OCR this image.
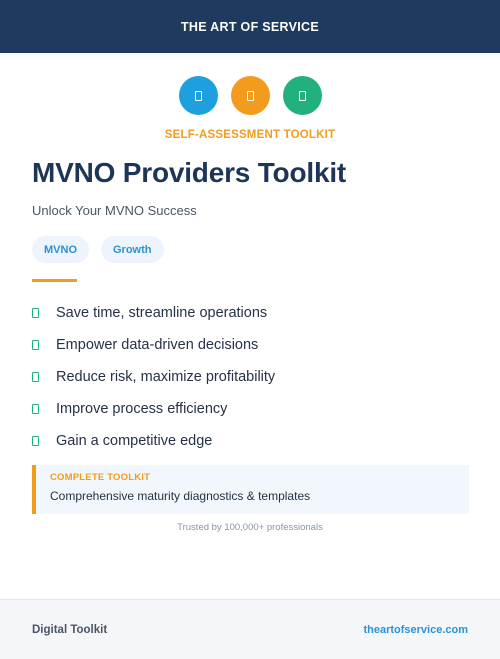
THE ART OF SERVICE
SELF-ASSESSMENT TOOLKIT
MVNO Providers Toolkit
Unlock Your MVNO Success
MVNO	Growth
Save time, streamline operations
Empower data-driven decisions
Reduce risk, maximize profitability
Improve process efficiency
Gain a competitive edge
COMPLETE TOOLKIT
Comprehensive maturity diagnostics & templates
Trusted by 100,000+ professionals
Digital Toolkit	theartofservice.com
